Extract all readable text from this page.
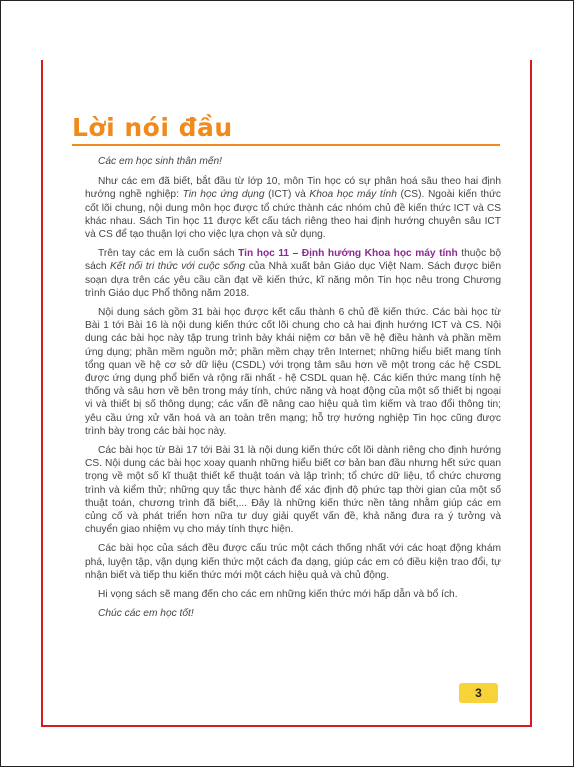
Lời nói đầu

Các em học sinh thân mến!

Như các em đã biết, bắt đầu từ lớp 10, môn Tin học có sự phân hoá sâu theo hai định hướng nghề nghiệp: Tin học ứng dụng (ICT) và Khoa học máy tính (CS). Ngoài kiến thức cốt lõi chung, nội dung môn học được tổ chức thành các nhóm chủ đề kiến thức ICT và CS khác nhau. Sách Tin học 11 được kết cấu tách riêng theo hai định hướng chuyên sâu ICT và CS để tạo thuận lợi cho việc lựa chọn và sử dụng.

Trên tay các em là cuốn sách Tin học 11 – Định hướng Khoa học máy tính thuộc bộ sách Kết nối tri thức với cuộc sống của Nhà xuất bản Giáo dục Việt Nam. Sách được biên soạn dựa trên các yêu cầu cần đạt về kiến thức, kĩ năng môn Tin học nêu trong Chương trình Giáo dục Phổ thông năm 2018.

Nội dung sách gồm 31 bài học được kết cấu thành 6 chủ đề kiến thức. Các bài học từ Bài 1 tới Bài 16 là nội dung kiến thức cốt lõi chung cho cả hai định hướng ICT và CS. Nội dung các bài học này tập trung trình bày khái niệm cơ bản về hệ điều hành và phần mềm ứng dụng; phần mềm nguồn mở; phần mềm chạy trên Internet; những hiểu biết mang tính tổng quan về hệ cơ sở dữ liệu (CSDL) với trọng tâm sâu hơn về một trong các hệ CSDL được ứng dụng phổ biến và rộng rãi nhất - hệ CSDL quan hệ. Các kiến thức mang tính hệ thống và sâu hơn về bên trong máy tính, chức năng và hoạt động của một số thiết bị ngoại vi và thiết bị số thông dụng; các vấn đề nâng cao hiệu quả tìm kiếm và trao đổi thông tin; yêu cầu ứng xử văn hoá và an toàn trên mạng; hỗ trợ hướng nghiệp Tin học cũng được trình bày trong các bài học này.

Các bài học từ Bài 17 tới Bài 31 là nội dung kiến thức cốt lõi dành riêng cho định hướng CS. Nội dung các bài học xoay quanh những hiểu biết cơ bản ban đầu nhưng hết sức quan trọng về một số kĩ thuật thiết kế thuật toán và lập trình; tổ chức dữ liệu, tổ chức chương trình và kiểm thử; những quy tắc thực hành để xác định độ phức tạp thời gian của một số thuật toán, chương trình đã biết,... Đây là những kiến thức nền tảng nhằm giúp các em củng cố và phát triển hơn nữa tư duy giải quyết vấn đề, khả năng đưa ra ý tưởng và chuyển giao nhiệm vụ cho máy tính thực hiện.

Các bài học của sách đều được cấu trúc một cách thống nhất với các hoạt động khám phá, luyện tập, vận dụng kiến thức một cách đa dạng, giúp các em có điều kiện trao đổi, tự nhận biết và tiếp thu kiến thức mới một cách hiệu quả và chủ động.

Hi vọng sách sẽ mang đến cho các em những kiến thức mới hấp dẫn và bổ ích.

Chúc các em học tốt!

3
